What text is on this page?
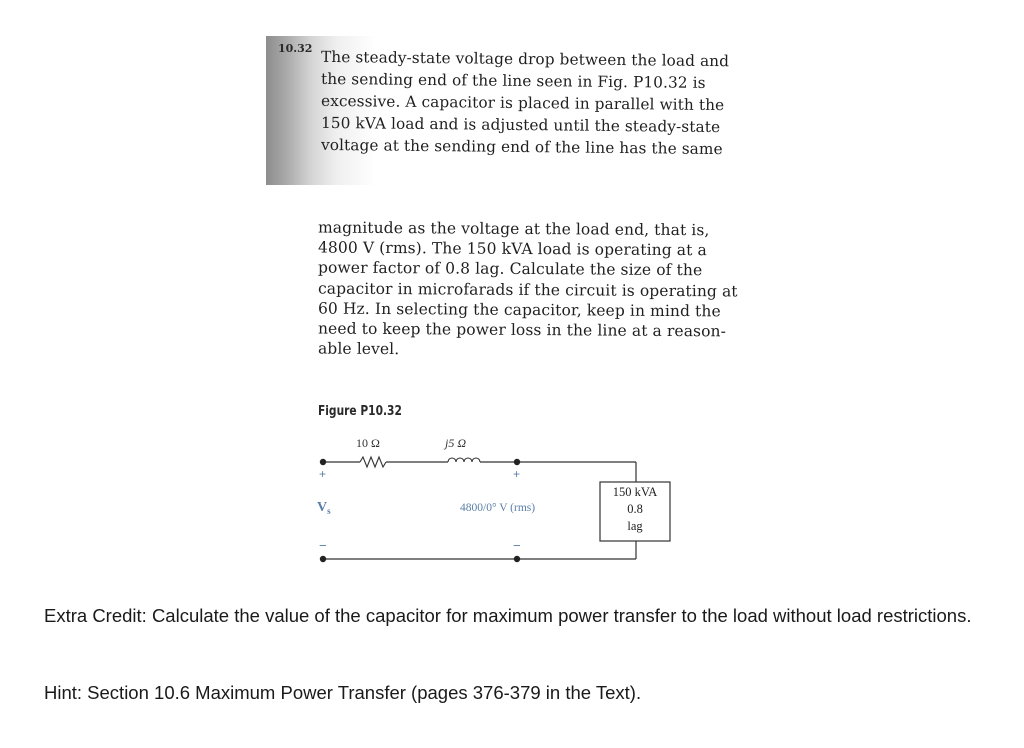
10.32 The steady-state voltage drop between the load and
the sending end of the line seen in Fig. P10.32 is
excessive. A capacitor is placed in parallel with the
150 kVA load and is adjusted until the steady-state
voltage at the sending end of the line has the same
magnitude as the voltage at the load end, that is,
4800 V (rms). The 150 kVA load is operating at a
power factor of 0.8 lag. Calculate the size of the
capacitor in microfarads if the circuit is operating at
60 Hz. In selecting the capacitor, keep in mind the
need to keep the power loss in the line at a reason-
able level.
Figure P10.32
150 kVA
0.8
lag
10 Ω	j5 Ω
+
$V_s$
−
+
4800/0° V (rms)
−
Extra Credit: Calculate the value of the capacitor for maximum power transfer to the load without load restrictions.
Hint: Section 10.6 Maximum Power Transfer (pages 376-379 in the Text).
